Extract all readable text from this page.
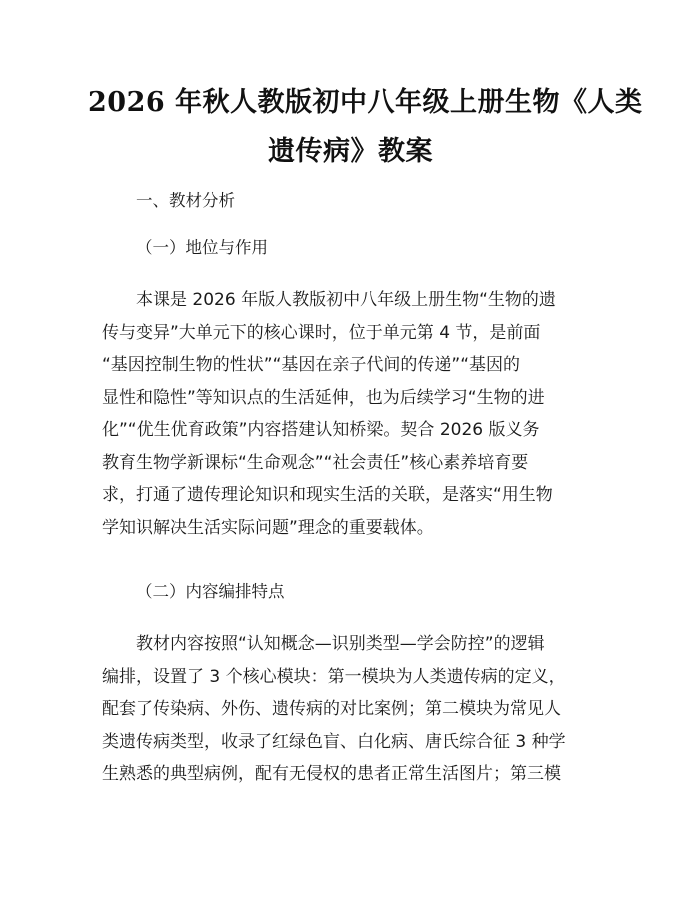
2026 年秋人教版初中八年级上册生物《人类
遗传病》教案
一、教材分析
（一）地位与作用
　　本课是 2026 年版人教版初中八年级上册生物“生物的遗
传与变异”大单元下的核心课时，位于单元第 4 节，是前面
“基因控制生物的性状”“基因在亲子代间的传递”“基因的
显性和隐性”等知识点的生活延伸，也为后续学习“生物的进
化”“优生优育政策”内容搭建认知桥梁。契合 2026 版义务
教育生物学新课标“生命观念”“社会责任”核心素养培育要
求，打通了遗传理论知识和现实生活的关联，是落实“用生物
学知识解决生活实际问题”理念的重要载体。
（二）内容编排特点
　　教材内容按照“认知概念—识别类型—学会防控”的逻辑
编排，设置了 3 个核心模块：第一模块为人类遗传病的定义，
配套了传染病、外伤、遗传病的对比案例；第二模块为常见人
类遗传病类型，收录了红绿色盲、白化病、唐氏综合征 3 种学
生熟悉的典型病例，配有无侵权的患者正常生活图片；第三模
